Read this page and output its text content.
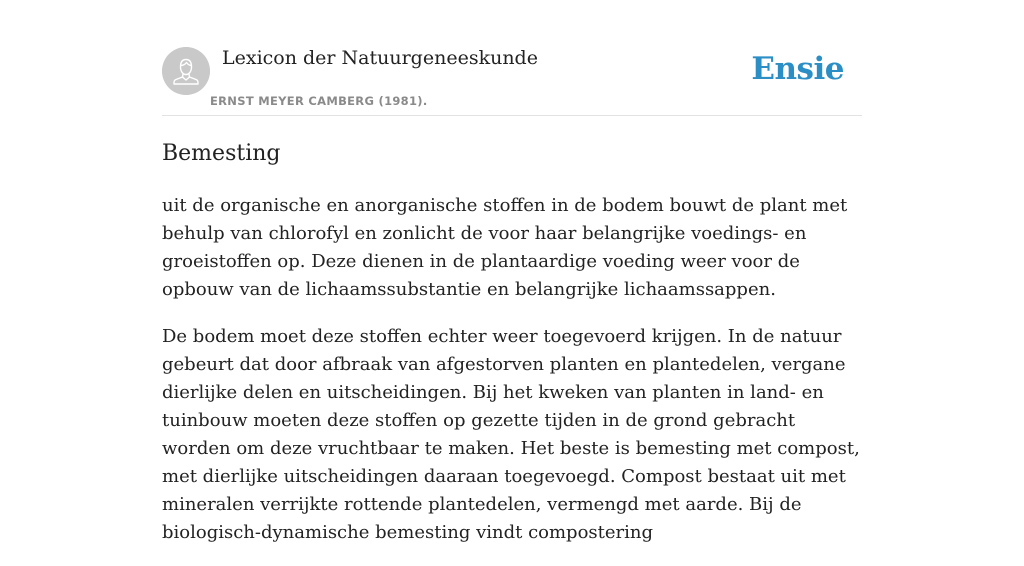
Lexicon der Natuurgeneeskunde
ERNST MEYER CAMBERG (1981).
Ensie
Bemesting

uit de organische en anorganische stoffen in de bodem bouwt de plant met behulp van chlorofyl en zonlicht de voor haar belangrijke voedings- en groeistoffen op. Deze dienen in de plantaardige voeding weer voor de opbouw van de lichaamssubstantie en belangrijke lichaamssappen.

De bodem moet deze stoffen echter weer toegevoerd krijgen. In de natuur gebeurt dat door afbraak van afgestorven planten en plantedelen, vergane dierlijke delen en uitscheidingen. Bij het kweken van planten in land- en tuinbouw moeten deze stoffen op gezette tijden in de grond gebracht worden om deze vruchtbaar te maken. Het beste is bemesting met compost, met dierlijke uitscheidingen daaraan toegevoegd. Compost bestaat uit met mineralen verrijkte rottende plantedelen, vermengd met aarde. Bij de biologisch-dynamische bemesting vindt compostering
